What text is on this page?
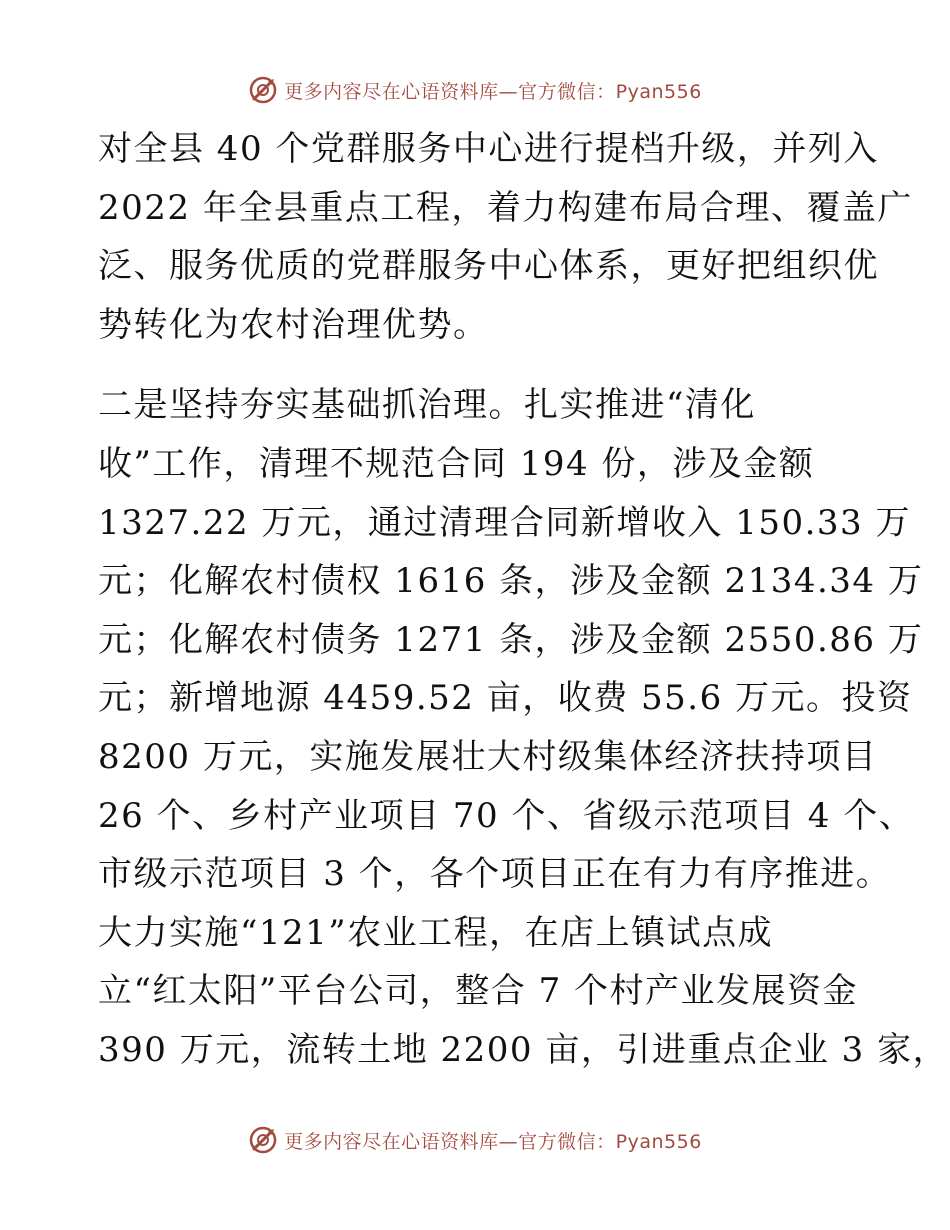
更多内容尽在心语资料库—官方微信：Pyan556
对全县 40 个党群服务中心进行提档升级，并列入
2022 年全县重点工程，着力构建布局合理、覆盖广
泛、服务优质的党群服务中心体系，更好把组织优
势转化为农村治理优势。
二是坚持夯实基础抓治理。扎实推进“清化
收”工作，清理不规范合同 194 份，涉及金额
1327.22 万元，通过清理合同新增收入 150.33 万
元；化解农村债权 1616 条，涉及金额 2134.34 万
元；化解农村债务 1271 条，涉及金额 2550.86 万
元；新增地源 4459.52 亩，收费 55.6 万元。投资
8200 万元，实施发展壮大村级集体经济扶持项目
26 个、乡村产业项目 70 个、省级示范项目 4 个、
市级示范项目 3 个，各个项目正在有力有序推进。
大力实施“121”农业工程，在店上镇试点成
立“红太阳”平台公司，整合 7 个村产业发展资金
390 万元，流转土地 2200 亩，引进重点企业 3 家，
更多内容尽在心语资料库—官方微信：Pyan556
